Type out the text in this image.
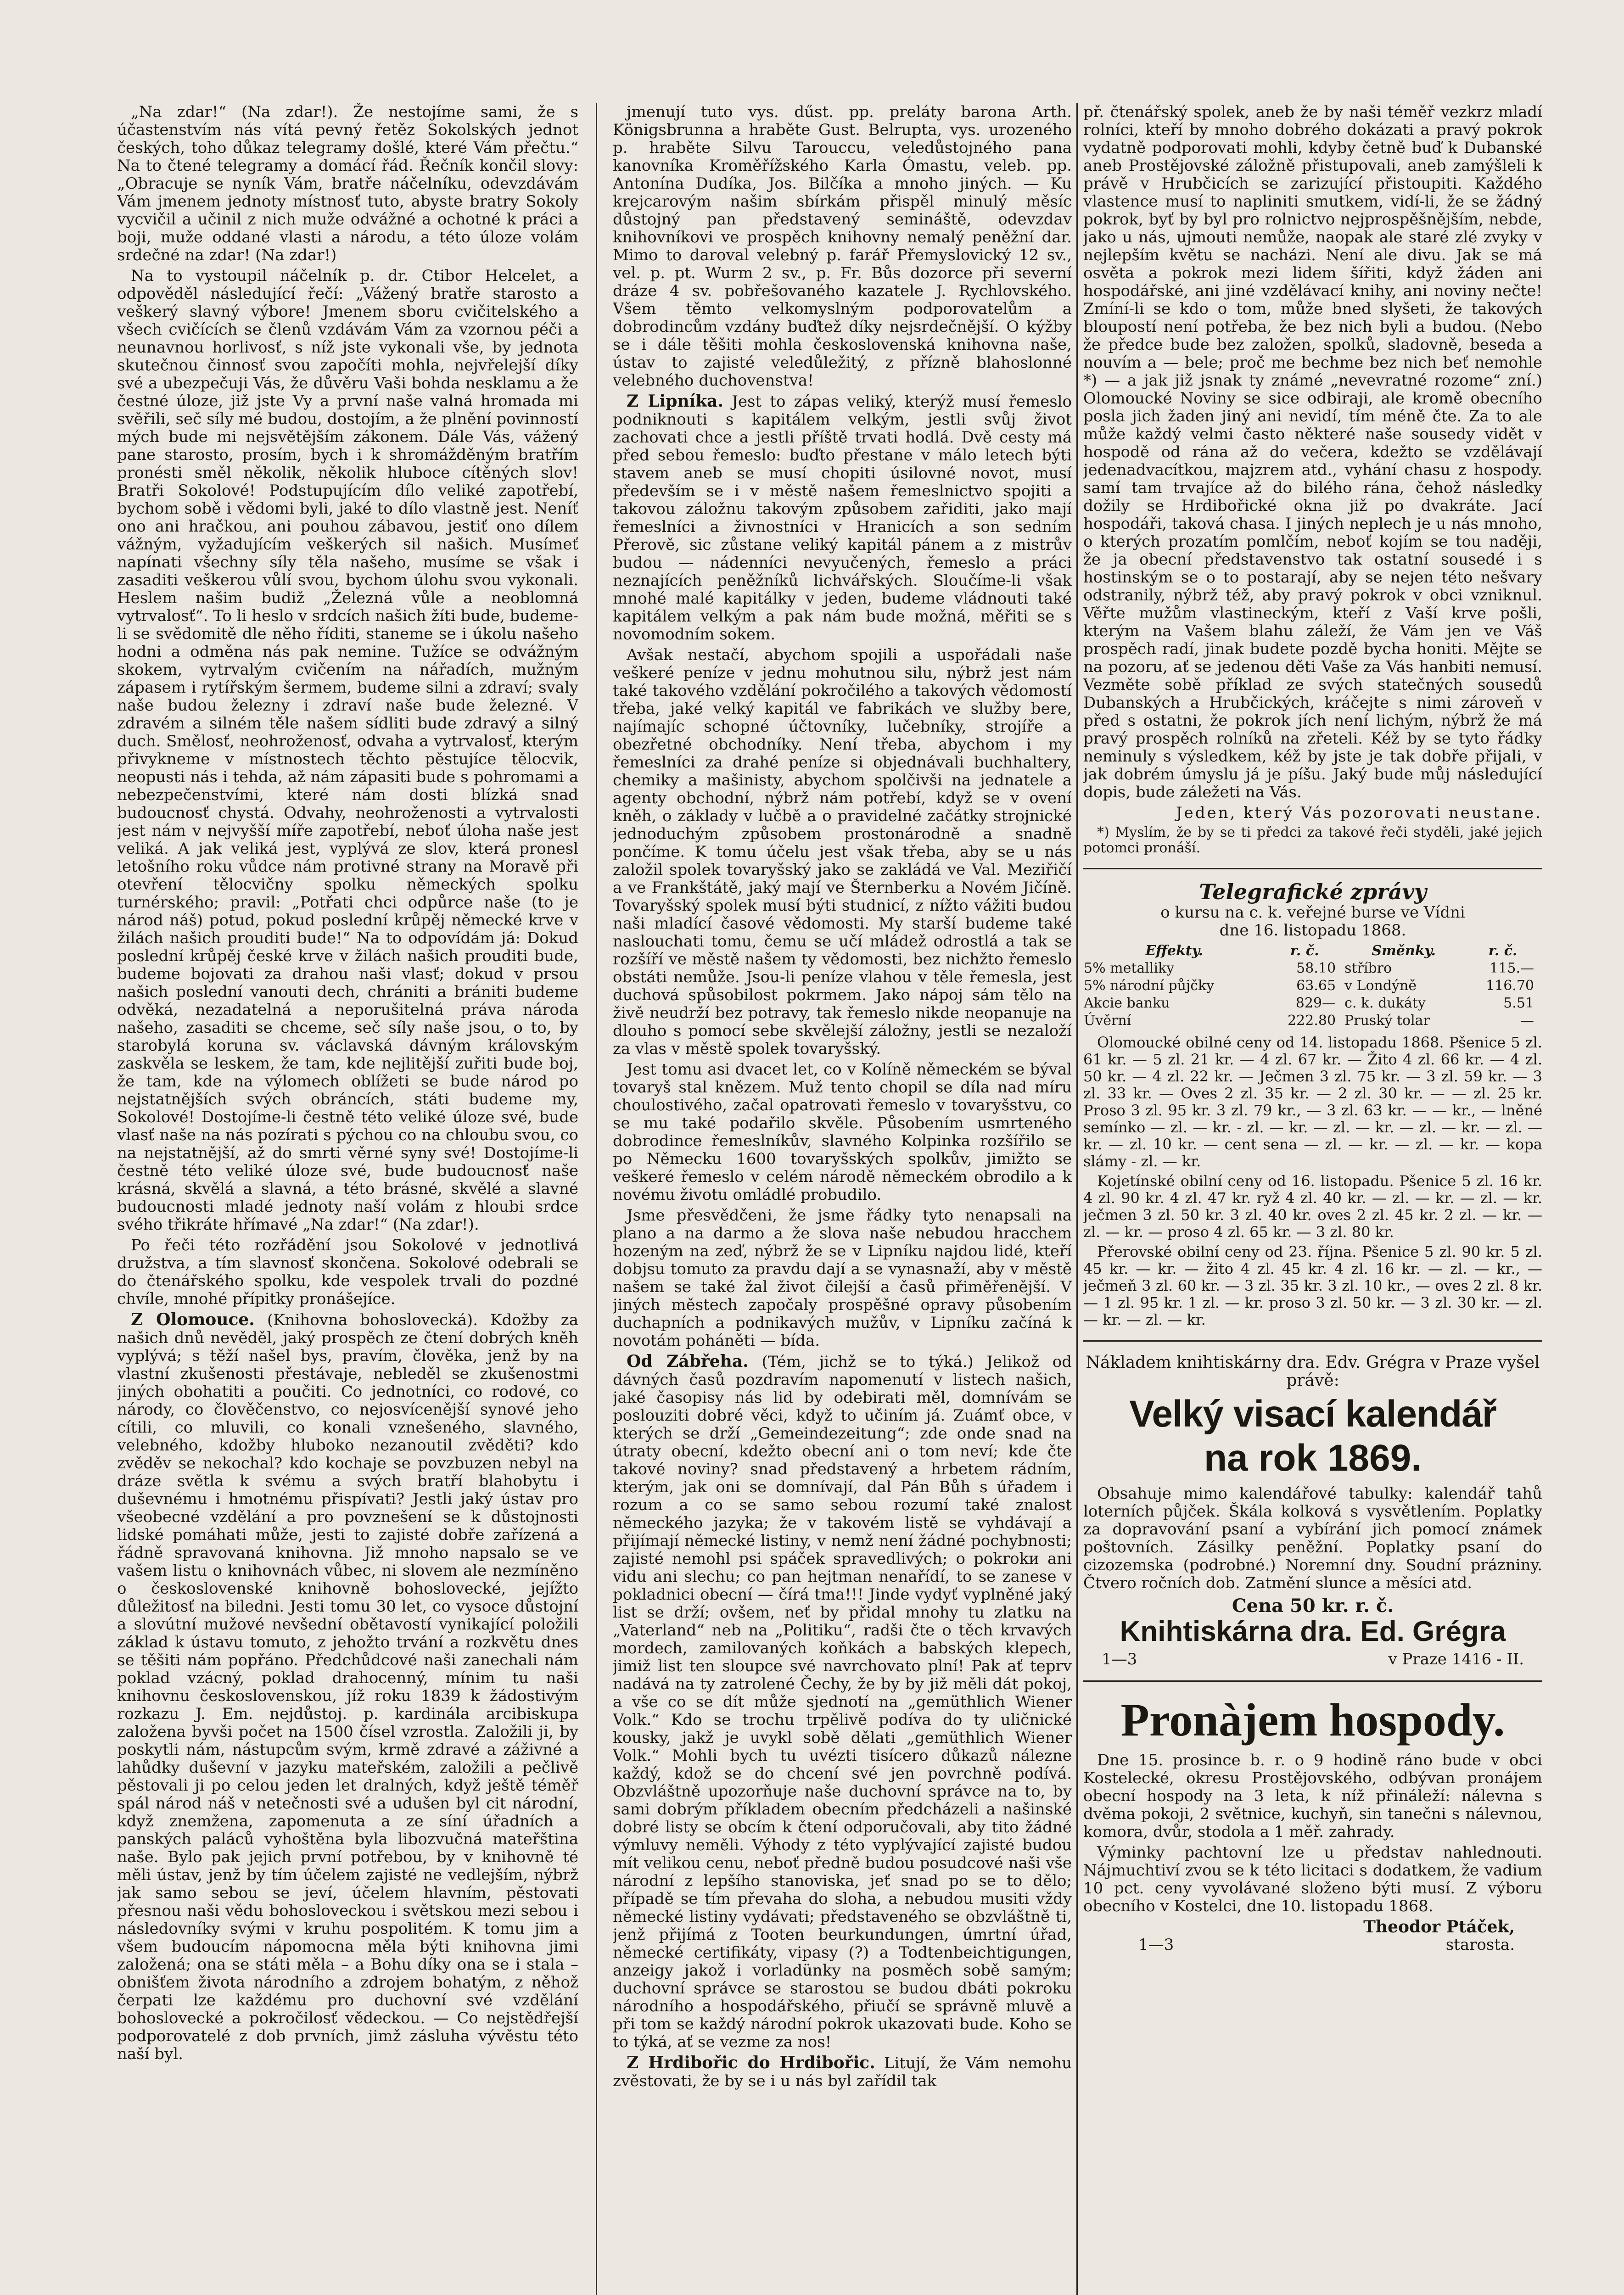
„Na zdar!“ (Na zdar!). Že nestojíme sami, že s účastenstvím nás vítá pevný řetěz Sokolských jednot českých, toho důkaz telegramy došlé, které Vám přečtu.“ Na to čtené telegramy a domácí řád. Řečník končil slovy: „Obracuje se nyník Vám, bratře náčelníku, odevzdávám Vám jmenem jednoty místnosť tuto, abyste bratry Sokoly vycvičil a učinil z nich muže odvážné a ochotné k práci a boji, muže oddané vlasti a národu, a této úloze volám srdečné na zdar! (Na zdar!)

Na to vystoupil náčelník p. dr. Ctibor Helcelet, a odpověděl následující řečí: „Vážený bratře starosto a veškerý slavný výbore! Jmenem sboru cvičitelského a všech cvičících se členů vzdávám Vám za vzornou péči a neunavnou horlivosť, s níž jste vykonali vše, by jednota skutečnou činnosť svou započíti mohla, nejvřelejší díky své a ubezpečuji Vás, že důvěru Vaši bohda nesklamu a že čestné úloze, již jste Vy a první naše valná hromada mi svěřili, seč síly mé budou, dostojím, a že plnění povinností mých bude mi nejsvětějším zákonem. Dále Vás, vážený pane starosto, prosím, bych i k shromážděným bratřím pronésti směl několik, několik hluboce cítěných slov! Bratři Sokolové! Podstupujícím dílo veliké zapotřebí, bychom sobě i vědomi byli, jaké to dílo vlastně jest. Neníť ono ani hračkou, ani pouhou zábavou, jestiť ono dílem vážným, vyžadujícím veškerých sil našich. Musímeť napínati všechny síly těla našeho, musíme se však i zasaditi veškerou vůlí svou, bychom úlohu svou vykonali. Heslem našim budiž „Železná vůle a neoblomná vytrvalosť“. To li heslo v srdcích našich žíti bude, budeme-li se svědomitě dle něho říditi, staneme se i úkolu našeho hodni a odměna nás pak nemine. Tužíce se odvážným skokem, vytrvalým cvičením na nářadích, mužným zápasem i rytířským šermem, budeme silni a zdraví; svaly naše budou železny i zdraví naše bude železné. V zdravém a silném těle našem sídliti bude zdravý a silný duch. Smělosť, neohroženosť, odvaha a vytrvalosť, kterým přivykneme v místnostech těchto pěstujíce tělocvik, neopusti nás i tehda, až nám zápasiti bude s pohromami a nebezpečenstvími, které nám dosti blízká snad budoucnosť chystá. Odvahy, neohroženosti a vytrvalosti jest nám v nejvyšší míře zapotřebí, neboť úloha naše jest veliká. A jak veliká jest, vyplývá ze slov, která pronesl letošního roku vůdce nám protivné strany na Moravě při otevření tělocvičny spolku německých spolku turnérského; pravil: „Potřati chci odpůrce naše (to je národ náš) potud, pokud poslední krůpěj německé krve v žilách našich prouditi bude!“ Na to odpovídám já: Dokud poslední krůpěj české krve v žilách našich prouditi bude, budeme bojovati za drahou naši vlasť; dokud v prsou našich poslední vanouti dech, chrániti a brániti budeme odvěká, nezadatelná a neporušitelná práva národa našeho, zasaditi se chceme, seč síly naše jsou, o to, by starobylá koruna sv. václavská dávným královským zaskvěla se leskem, že tam, kde nejlitější zuřiti bude boj, že tam, kde na výlomech oblížeti se bude národ po nejstatnějších svých obráncích, státi budeme my, Sokolové! Dostojíme-li čestně této veliké úloze své, bude vlasť naše na nás pozírati s pýchou co na chloubu svou, co na nejstatnější, až do smrti věrné syny své! Dostojíme-li čestně této veliké úloze své, bude budoucnosť naše krásná, skvělá a slavná, a této brásné, skvělé a slavné budoucnosti mladé jednoty naší volám z hloubi srdce svého třikráte hřímavé „Na zdar!“ (Na zdar!).

Po řeči této rozřádění jsou Sokolové v jednotlivá družstva, a tím slavnosť skončena. Sokolové odebrali se do čtenářského spolku, kde vespolek trvali do pozdné chvíle, mnohé přípitky pronášejíce.

Z Olomouce. (Knihovna bohoslovecká). Kdožby za našich dnů nevěděl, jaký prospěch ze čtení dobrých kněh vyplývá; s těží našel bys, pravím, člověka, jenž by na vlastní zkušenosti přestávaje, nebleděl se zkušenostmi jiných obohatiti a poučiti. Co jednotníci, co rodové, co národy, co člověčenstvo, co nejosvícenější synové jeho cítili, co mluvili, co konali vznešeného, slavného, velebného, kdožby hluboko nezanoutil zvěděti? kdo zvěděv se nekochal? kdo kochaje se povzbuzen nebyl na dráze světla k svému a svých bratří blahobytu i duševnému i hmotnému přispívati? Jestli jaký ústav pro všeobecné vzdělání a pro povznešení se k důstojnosti lidské pomáhati může, jesti to zajisté dobře zařízená a řádně spravovaná knihovna. Již mnoho napsalo se ve vašem listu o knihovnách vůbec, ni slovem ale nezmíněno o československé knihovně bohoslovecké, jejížto důležitosť na biledni. Jesti tomu 30 let, co vysoce důstojní a slovútní mužové nevšední obětavostí vynikající položili základ k ústavu tomuto, z jehožto trvání a rozkvětu dnes se těšiti nám popřáno. Předchůdcové naši zanechali nám poklad vzácný, poklad drahocenný, mínim tu naši knihovnu československou, jíž roku 1839 k žádostivým rozkazu J. Em. nejdůstoj. p. kardinála arcibiskupa založena byvši počet na 1500 čísel vzrostla. Založili ji, by poskytli nám, nástupcům svým, krmě zdravé a záživné a lahůdky duševní v jazyku mateřském, založili a pečlivě pěstovali ji po celou jeden let dralných, když ještě téměř spál národ náš v netečnosti své a udušen byl cit národní, když znemžena, zapomenuta a ze síní úřadních a panských paláců vyhoštěna byla libozvučná mateřština naše. Bylo pak jejich první potřebou, by v knihovně té měli ústav, jenž by tím účelem zajisté ne vedlejším, nýbrž jak samo sebou se jeví, účelem hlavním, pěstovati přesnou naši vědu bohosloveckou i světskou mezi sebou i následovníky svými v kruhu pospolitém. K tomu jim a všem budoucím nápomocna měla býti knihovna jimi založená; ona se státi měla – a Bohu díky ona se i stala – obnišťem života národního a zdrojem bohatým, z něhož čerpati lze každému pro duchovní své vzdělání bohoslovecké a pokročilosť vědeckou. — Co nejstědřejší podporovatelé z dob prvních, jimž zásluha vývěstu této naší byl.

jmenují tuto vys. dűst. pp. preláty barona Arth. Königsbrunna a hraběte Gust. Belrupta, vys. urozeného p. hraběte Silvu Tarouccu, veledůstojného pana kanovníka Kroměřížského Karla Ómastu, veleb. pp. Antonína Dudíka, Jos. Bilčíka a mnoho jiných. — Ku krejcarovým našim sbírkám přispěl minulý měsíc důstojný pan představený semináště, odevzdav knihovníkovi ve prospěch knihovny nemalý peněžní dar. Mimo to daroval velebný p. farář Přemyslovický 12 sv., vel. p. pt. Wurm 2 sv., p. Fr. Bůs dozorce při severní dráze 4 sv. pobřešovaného kazatele J. Rychlovského. Všem těmto velkomyslným podporovatelům a dobrodincům vzdány buďtež díky nejsrdečnější. O kýžby se i dále těšiti mohla československá knihovna naše, ústav to zajisté veledůležitý, z přízně blahoslonné velebného duchovenstva!

Z Lipníka. Jest to zápas veliký, kterýž musí řemeslo podniknouti s kapitálem velkým, jestli svůj život zachovati chce a jestli příště trvati hodlá. Dvě cesty má před sebou řemeslo: buďto přestane v málo letech býti stavem aneb se musí chopiti úsilovné novot, musí především se i v městě našem řemeslnictvo spojiti a takovou záložnu takovým způsobem zařiditi, jako mají řemeslníci a živnostníci v Hranicích a son sedním Přerově, sic zůstane veliký kapitál pánem a z mistrův budou — nádenníci nevyučených, řemeslo a práci neznajících peněžníků lichvářských. Sloučíme-li však mnohé malé kapitálky v jeden, budeme vládnouti také kapitálem velkým a pak nám bude možná, měřiti se s novomodním sokem.

Avšak nestačí, abychom spojili a uspořádali naše veškeré peníze v jednu mohutnou silu, nýbrž jest nám také takového vzdělání pokročilého a takových vědomostí třeba, jaké velký kapitál ve fabrikách ve služby bere, najímajíc schopné účtovníky, lučebníky, strojíře a obezřetné obchodníky. Není třeba, abychom i my řemeslníci za drahé peníze si objednávali buchhaltery, chemiky a mašinisty, abychom spolčivši na jednatele a agenty obchodní, nýbrž nám potřebí, když se v ovení kněh, o základy v lučbě a o pravidelné začátky strojnické jednoduchým způsobem prostonárodně a snadně pončíme. K tomu účelu jest však třeba, aby se u nás založil spolek tovaryšský jako se zakládá ve Val. Meziřičí a ve Frankštátě, jaký mají ve Šternberku a Novém Jičíně. Tovaryšský spolek musí býti studnicí, z nížto vážiti budou naši mladící časové vědomosti. My starší budeme také naslouchati tomu, čemu se učí mládež odrostlá a tak se rozšíří ve městě našem ty vědomosti, bez nichžto řemeslo obstáti nemůže. Jsou-li peníze vlahou v těle řemesla, jest duchová spůsobilost pokrmem. Jako nápoj sám tělo na živě neudrží bez potravy, tak řemeslo nikde neopanuje na dlouho s pomocí sebe skvělejší záložny, jestli se nezaloží za vlas v městě spolek tovaryšský.

Jest tomu asi dvacet let, co v Kolíně německém se býval tovaryš stal knězem. Muž tento chopil se díla nad míru choulostivého, začal opatrovati řemeslo v tovaryšstvu, co se mu také podařilo skvěle. Působením usmrteného dobrodince řemeslníkův, slavného Kolpinka rozšířilo se po Německu 1600 tovaryšských spolkův, jimižto se veškeré řemeslo v celém národě německém obrodilo a k novému životu omládlé probudilo.

Jsme přesvědčeni, že jsme řádky tyto nenapsali na plano a na darmo a že slova naše nebudou hracchem hozeným na zeď, nýbrž že se v Lipníku najdou lidé, kteří dobjsu tomuto za pravdu dají a se vynasnaží, aby v městě našem se také žal život čilejší a časů přiměřenější. V jiných městech započaly prospěšné opravy působením duchapních a podnikavých mužův, v Lipníku začíná k novotám poháněti — bída.

Od Zábřeha. (Tém, jichž se to týká.) Jelikož od dávných časů pozdravím napomenutí v listech našich, jaké časopisy nás lid by odebirati měl, domnívám se poslouziti dobré věci, když to učiním já. Zuámť obce, v kterých se drží „Gemeindezeitung“; zde onde snad na útraty obecní, kdežto obecní ani o tom neví; kde čte takové noviny? snad představený a hrbetem rádním, kterým, jak oni se domnívají, dal Pán Bůh s úřadem i rozum a co se samo sebou rozumí také znalost německého jazyka; že v takovém listě se vyhdávají a přijímají německé listiny, v nemž není žádné pochybnosti; zajisté nemohl psi spáček spravedlivých; o pokrokи ani vidu ani slechu; co pan hejtman nenařídí, to se zanese v pokladnici obecní — čírá tma!!! Jinde vydyť vyplněné jaký list se drží; ovšem, neť by přidal mnohy tu zlatku na „Vaterland“ neb na „Politiku“, radši čte o těch krvavých mordech, zamilovaných koňkách a babských klepech, jimiž list ten sloupce své navrchovato plní! Pak ať teprv nadává na ty zatrolené Čechy, že by by již měli dát pokoj, a vše co se dít může sjednotí na „gemüthlich Wiener Volk.“ Kdo se trochu trpělivě podíva do ty uličnické kousky, jakž je uvykl sobě dělati „gemüthlich Wiener Volk.“ Mohli bych tu uvézti tisícero důkazů nálezne každý, kdož se do chcení své jen povrchně podívá. Obzvláštně upozorňuje naše duchovní správce na to, by sami dobrým příkladem obecním předcházeli a našinské dobré listy se obcím k čtení odporučovali, aby tito žádné výmluvy neměli. Výhody z této vyplývající zajisté budou mít velikou cenu, neboť předně budou posudcové naši vše národní z lepšího stanoviska, jeť snad po se to dělo; případě se tím převaha do sloha, a nebudou musiti vždy německé listiny vydávati; představeného se obzvláštně ti, jenž přijímá z Tooten beurkundungen, úmrtní úřad, německé certifikáty, vipasy (?) a Todtenbeichtigungen, anzeigy jakož i vorladünky na posměch sobě samým; duchovní správce se starostou se budou dbáti pokroku národního a hospodářského, přiučí se správně mluvě a při tom se každý národní pokrok ukazovati bude. Koho se to týká, ať se vezme za nos!
Z Hrdibořic do Hrdibořic. Litují, že Vám nemohu zvěstovati, že by se i u nás byl zařídil tak

př. čtenářský spolek, aneb že by naši téměř vezkrz mladí rolníci, kteří by mnoho dobrého dokázati a pravý pokrok vydatně podporovati mohli, kdyby četně buď k Dubanské aneb Prostějovské záložně přistupovali, aneb zamýšleli k právě v Hrubčicích se zarizující přistoupiti. Každého vlastence musí to napliniti smutkem, vidí-li, že se žádný pokrok, byť by byl pro rolnictvo nejprospěšnějším, nebde, jako u nás, ujmouti nemůže, naopak ale staré zlé zvyky v nejlepším květu se nacházi. Není ale divu. Jak se má osvěta a pokrok mezi lidem šířiti, když žáden ani hospodářské, ani jiné vzdělávací knihy, ani noviny nečte! Zmíní-li se kdo o tom, může bned slyšeti, že takových bloupostí není potřeba, že bez nich byli a budou. (Nebo že předce bude bez založen, spolků, sladovně, beseda a nouvím a — bele; proč me bechme bez nich beť nemohle *) — a jak již jsnak ty známé „nevevratné rozome“ zní.) Olomoucké Noviny se sice odbiraji, ale kromě obecního posla jich žaden jiný ani nevidí, tím méně čte. Za to ale může každý velmi často některé naše sousedy vidět v hospodě od rána až do večera, kdežto se vzdělávají jedenadvacítkou, majzrem atd., vyhání chasu z hospody. samí tam trvajíce až do bilého rána, čehož následky dožily se Hrdibořické okna již po dvakráte. Jací hospodáři, taková chasa. I jiných neplech je u nás mnoho, o kterých prozatím pomlčím, neboť kojím se tou naději, že ja obecní představenstvo tak ostatní sousedé i s hostinským se o to postarají, aby se nejen této nešvary odstranily, nýbrž též, aby pravý pokrok v obci vzniknul. Věřte mužům vlastineckým, kteří z Vaší krve pošli, kterým na Vašem blahu záleží, že Vám jen ve Váš prospěch radí, jinak budete pozdě bycha honiti. Mějte se na pozoru, ať se jedenou děti Vaše za Vás hanbiti nemusí. Vezměte sobě příklad ze svých statečných sousedů Dubanských a Hrubčických, kráčejte s nimi zároveň v před s ostatni, že pokrok jích není lichým, nýbrž že má pravý prospěch rolníků na zřeteli. Kéž by se tyto řádky neminuly s výsledkem, kéž by jste je tak dobře přijali, v jak dobrém úmyslu já je píšu. Jaký bude můj následující dopis, bude záležeti na Vás.

Jeden, který Vás pozorovati neustane.

*) Myslím, že by se ti předci za takové řeči styděli, jaké jejich potomci pronáší.

Telegrafické zprávy
o kursu na c. k. veřejné burse ve Vídni
dne 16. listopadu 1868.
Effekty.	r. č.	Směnky.	r. č.
5% metalliky	58.10	stříbro	115.—
5% národní půjčky	63.65	v Londýně	116.70
Akcie banku	829—	c. k. dukáty	5.51
Úvěrní	222.80	Pruský tolar	—

Olomoucké obilné ceny od 14. listopadu 1868. Pšenice 5 zl. 61 kr. — 5 zl. 21 kr. — 4 zl. 67 kr. — Žito 4 zl. 66 kr. — 4 zl. 50 kr. — 4 zl. 22 kr. — Ječmen 3 zl. 75 kr. — 3 zl. 59 kr. — 3 zl. 33 kr. — Oves 2 zl. 35 kr. — 2 zl. 30 kr. — — zl. 25 kr. Proso 3 zl. 95 kr. 3 zl. 79 kr., — 3 zl. 63 kr. — — kr., — lněné semínko — zl. — kr. - zl. — kr. — zl. — kr. — zl. — kr. — zl. — kr. — zl. 10 kr. — cent sena — zl. — kr. — zl. — kr. — kopa slámy - zl. — kr.

Kojetínské obilní ceny od 16. listopadu. Pšenice 5 zl. 16 kr. 4 zl. 90 kr. 4 zl. 47 kr. ryž 4 zl. 40 kr. — zl. — kr. — zl. — kr. ječmen 3 zl. 50 kr. 3 zl. 40 kr. oves 2 zl. 45 kr. 2 zl. — kr. — zl. — kr. — proso 4 zl. 65 kr. — 3 zl. 80 kr.

Přerovské obilní ceny od 23. října. Pšenice 5 zl. 90 kr. 5 zl. 45 kr. — kr. — žito 4 zl. 45 kr. 4 zl. 16 kr. — zl. — kr., — ječmeň 3 zl. 60 kr. — 3 zl. 35 kr. 3 zl. 10 kr., — oves 2 zl. 8 kr. — 1 zl. 95 kr. 1 zl. — kr. proso 3 zl. 50 kr. — 3 zl. 30 kr. — zl. — kr. — zl. — kr.

Nákladem knihtiskárny dra. Edv. Grégra v Praze vyšel právě:
Velký visací kalendář
na rok 1869.

Obsahuje mimo kalendářové tabulky: kalendář tahů loterních půjček. Škála kolková s vysvětlením. Poplatky za dopravování psaní a vybírání jich pomocí známek poštovních. Zásilky peněžní. Poplatky psaní do cizozemska (podrobné.) Noremní dny. Soudní prázniny. Čtvero ročních dob. Zatmění slunce a měsíci atd.

Cena 50 kr. r. č.
Knihtiskárna dra. Ed. Grégra
1—3	v Praze 1416 - II.
Pronàjem hospody.

Dne 15. prosince b. r. o 9 hodině ráno bude v obci Kostelecké, okresu Prostějovského, odbývan pronájem obecní hospody na 3 leta, k níž přináleží: nálevna s dvěma pokoji, 2 světnice, kuchyň, sin tanečni s nálevnou, komora, dvůr, stodola a 1 měř. zahrady.

Výminky pachtovní lze u představ nahlednouti. Nájmuchtiví zvou se k této licitaci s dodatkem, že vadium 10 pct. ceny vyvolávané složeno býti musí. Z výboru obecního v Kostelci, dne 10. listopadu 1868.

Theodor Ptáček,
1—3	starosta.
